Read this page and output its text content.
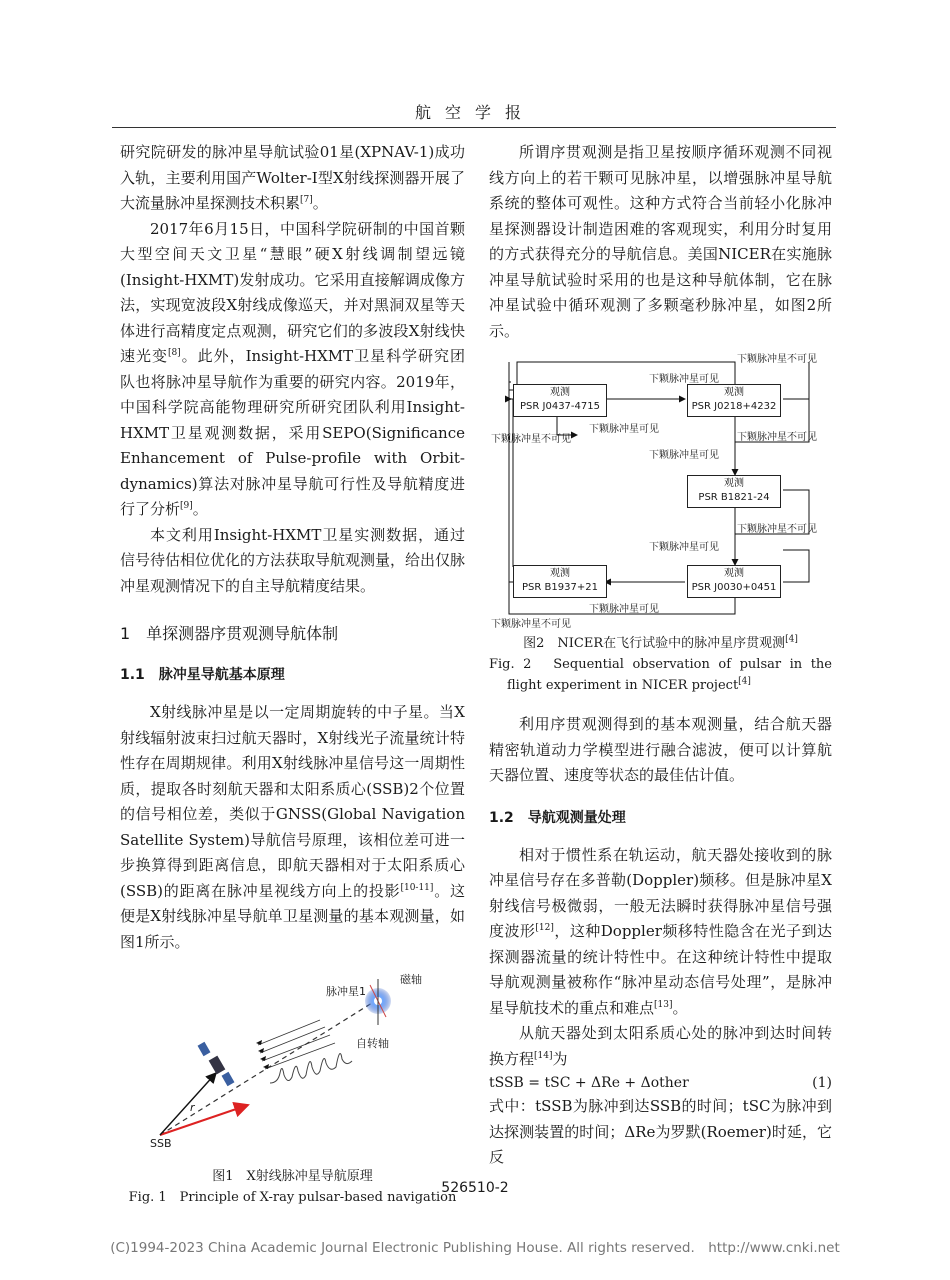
航空学报

研究院研发的脉冲星导航试验01星(XPNAV-1)成功入轨，主要利用国产Wolter-I型X射线探测器开展了大流量脉冲星探测技术积累[7]。

2017年6月15日，中国科学院研制的中国首颗大型空间天文卫星“慧眼”硬X射线调制望远镜(Insight-HXMT)发射成功。它采用直接解调成像方法，实现宽波段X射线成像巡天，并对黑洞双星等天体进行高精度定点观测，研究它们的多波段X射线快速光变[8]。此外，Insight-HXMT卫星科学研究团队也将脉冲星导航作为重要的研究内容。2019年，中国科学院高能物理研究所研究团队利用Insight-HXMT卫星观测数据，采用SEPO(Significance Enhancement of Pulse-profile with Orbit-dynamics)算法对脉冲星导航可行性及导航精度进行了分析[9]。

本文利用Insight-HXMT卫星实测数据，通过信号待估相位优化的方法获取导航观测量，给出仅脉冲星观测情况下的自主导航精度结果。

1　单探测器序贯观测导航体制
1.1　脉冲星导航基本原理

X射线脉冲星是以一定周期旋转的中子星。当X射线辐射波束扫过航天器时，X射线光子流量统计特性存在周期规律。利用X射线脉冲星信号这一周期性质，提取各时刻航天器和太阳系质心(SSB)2个位置的信号相位差，类似于GNSS(Global Navigation Satellite System)导航信号原理，该相位差可进一步换算得到距离信息，即航天器相对于太阳系质心(SSB)的距离在脉冲星视线方向上的投影[10-11]。这便是X射线脉冲星导航单卫星测量的基本观测量，如图1所示。

脉冲星1
磁轴
自转轴
r
SSB
图1　X射线脉冲星导航原理
Fig. 1　Principle of X-ray pulsar-based navigation

所谓序贯观测是指卫星按顺序循环观测不同视线方向上的若干颗可见脉冲星，以增强脉冲星导航系统的整体可观性。这种方式符合当前轻小化脉冲星探测器设计制造困难的客观现实，利用分时复用的方式获得充分的导航信息。美国NICER在实施脉冲星导航试验时采用的也是这种导航体制，它在脉冲星试验中循环观测了多颗毫秒脉冲星，如图2所示。

观测
PSR J0437-4715
观测
PSR J0218+4232
观测
PSR B1821-24
观测
PSR B1937+21
观测
PSR J0030+0451
下颗脉冲星不可见
下颗脉冲星可见
下颗脉冲星可见
下颗脉冲星不可见
下颗脉冲星不可见
下颗脉冲星可见
下颗脉冲星不可见
下颗脉冲星可见
下颗脉冲星可见
下颗脉冲星不可见
图2　NICER在飞行试验中的脉冲星序贯观测[4]
Fig. 2　Sequential observation of pulsar in the flight experiment in NICER project[4]

利用序贯观测得到的基本观测量，结合航天器精密轨道动力学模型进行融合滤波，便可以计算航天器位置、速度等状态的最佳估计值。

1.2　导航观测量处理

相对于惯性系在轨运动，航天器处接收到的脉冲星信号存在多普勒(Doppler)频移。但是脉冲星X射线信号极微弱，一般无法瞬时获得脉冲星信号强度波形[12]，这种Doppler频移特性隐含在光子到达探测器流量的统计特性中。在这种统计特性中提取导航观测量被称作“脉冲星动态信号处理”，是脉冲星导航技术的重点和难点[13]。

从航天器处到太阳系质心处的脉冲到达时间转换方程[14]为

tSSB = tSC + ΔRe + Δother	(1)

式中：tSSB为脉冲到达SSB的时间；tSC为脉冲到达探测装置的时间；ΔRe为罗默(Roemer)时延，它反

526510-2
(C)1994-2023 China Academic Journal Electronic Publishing House. All rights reserved.　http://www.cnki.net
